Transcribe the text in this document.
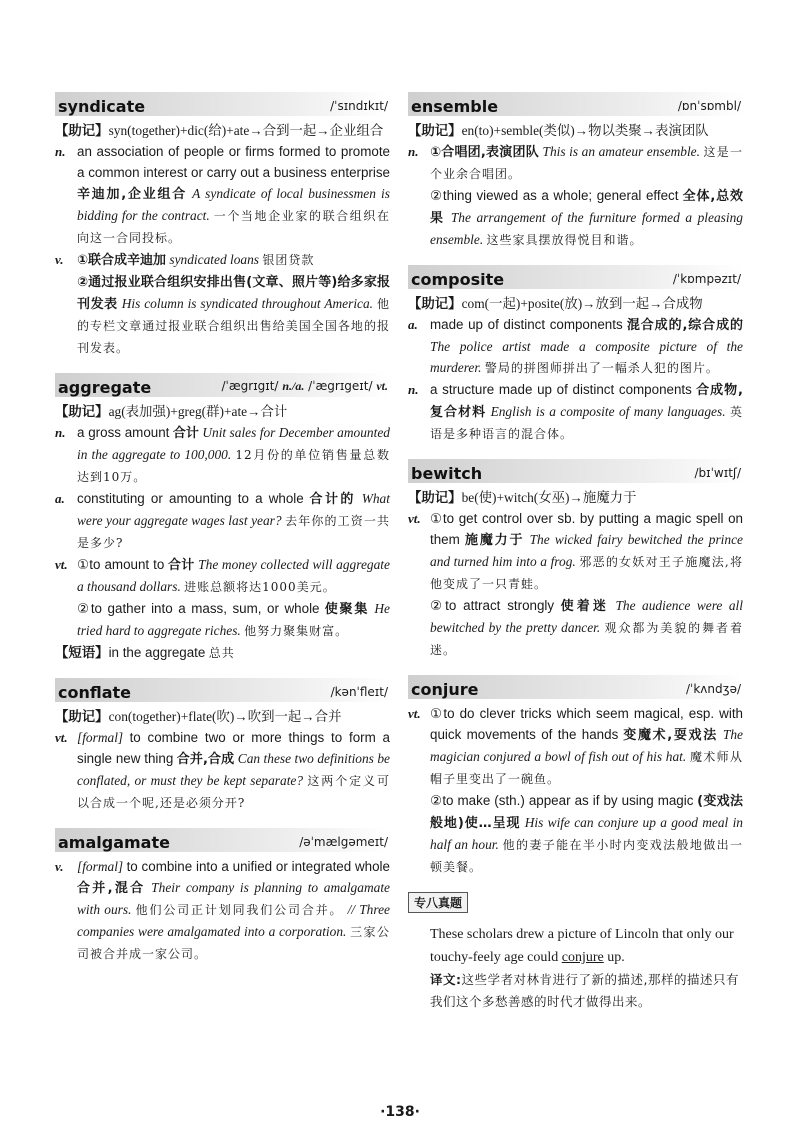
syndicate	/ˈsɪndɪkɪt/
【助记】syn(together)+dic(给)+ate→合到一起→企业组合
n. an association of people or firms formed to promote a common interest or carry out a business enterprise 辛迪加,企业组合 A syndicate of local businessmen is bidding for the contract. 一个当地企业家的联合组织在向这一合同投标。
v.	①联合成辛迪加 syndicated loans 银团贷款
②通过报业联合组织安排出售(文章、照片等)给多家报刊发表 His column is syndicated throughout America. 他的专栏文章通过报业联合组织出售给美国全国各地的报刊发表。
aggregate	/ˈægrɪgɪt/ n./a. /ˈægrɪgeɪt/ vt.
【助记】ag(表加强)+greg(群)+ate→合计
n. a gross amount 合计 Unit sales for December amounted in the aggregate to 100,000. 12月份的单位销售量总数达到10万。
a. constituting or amounting to a whole 合计的 What were your aggregate wages last year? 去年你的工资一共是多少?
vt. ①to amount to 合计 The money collected will aggregate a thousand dollars. 进账总额将达1000美元。
②to gather into a mass, sum, or whole 使聚集 He tried hard to aggregate riches. 他努力聚集财富。
【短语】in the aggregate 总共
conflate	/kənˈfleɪt/
【助记】con(together)+flate(吹)→吹到一起→合并
vt. [formal] to combine two or more things to form a single new thing 合并,合成 Can these two definitions be conflated, or must they be kept separate? 这两个定义可以合成一个呢,还是必须分开?
amalgamate	/əˈmælgəmeɪt/
v.	[formal] to combine into a unified or integrated whole 合并,混合 Their company is planning to amalgamate with ours. 他们公司正计划同我们公司合并。 // Three companies were amalgamated into a corporation. 三家公司被合并成一家公司。
ensemble	/ɒnˈsɒmbl/
【助记】en(to)+semble(类似)→物以类聚→表演团队
n. ①合唱团,表演团队 This is an amateur ensemble. 这是一个业余合唱团。
②thing viewed as a whole; general effect 全体,总效果 The arrangement of the furniture formed a pleasing ensemble. 这些家具摆放得悦目和谐。
composite	/ˈkɒmpəzɪt/
【助记】com(一起)+posite(放)→放到一起→合成物
a. made up of distinct components 混合成的,综合成的 The police artist made a composite picture of the murderer. 警局的拼图师拼出了一幅杀人犯的图片。
n. a structure made up of distinct components 合成物,复合材料 English is a composite of many languages. 英语是多种语言的混合体。
bewitch	/bɪˈwɪtʃ/
【助记】be(使)+witch(女巫)→施魔力于
vt. ①to get control over sb. by putting a magic spell on them 施魔力于 The wicked fairy bewitched the prince and turned him into a frog. 邪恶的女妖对王子施魔法,将他变成了一只青蛙。
②to attract strongly 使着迷 The audience were all bewitched by the pretty dancer. 观众都为美貌的舞者着迷。
conjure	/ˈkʌndʒə/
vt. ①to do clever tricks which seem magical, esp. with quick movements of the hands 变魔术,耍戏法 The magician conjured a bowl of fish out of his hat. 魔术师从帽子里变出了一碗鱼。
②to make (sth.) appear as if by using magic (变戏法般地)使…呈现 His wife can conjure up a good meal in half an hour. 他的妻子能在半小时内变戏法般地做出一顿美餐。
专八真题
These scholars drew a picture of Lincoln that only our touchy-feely age could conjure up.
译文:这些学者对林肯进行了新的描述,那样的描述只有我们这个多愁善感的时代才做得出来。
·138·
